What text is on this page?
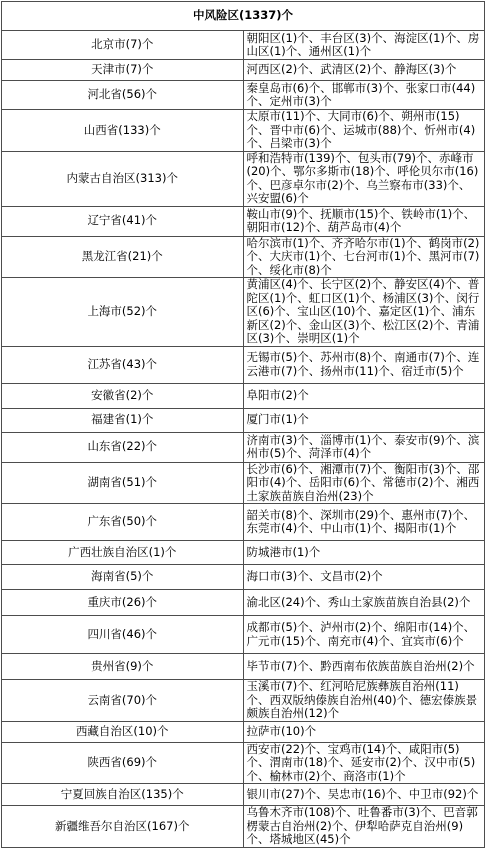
中风险区(1337)个	
北京市(7)个	朝阳区(1)个、丰台区(3)个、海淀区(1)个、房山区(1)个、通州区(1)个
天津市(7)个	河西区(2)个、武清区(2)个、静海区(3)个
河北省(56)个	秦皇岛市(6)个、邯郸市(3)个、张家口市(44)个、定州市(3)个
山西省(133)个	太原市(11)个、大同市(6)个、朔州市(15)个、晋中市(6)个、运城市(88)个、忻州市(4)个、吕梁市(3)个
内蒙古自治区(313)个	呼和浩特市(139)个、包头市(79)个、赤峰市(20)个、鄂尔多斯市(18)个、呼伦贝尔市(16)个、巴彦卓尔市(2)个、乌兰察布市(33)个、兴安盟(6)个
辽宁省(41)个	鞍山市(9)个、抚顺市(15)个、铁岭市(1)个、朝阳市(12)个、葫芦岛市(4)个
黑龙江省(21)个	哈尔滨市(1)个、齐齐哈尔市(1)个、鹤岗市(2)个、大庆市(1)个、七台河市(1)个、黑河市(7)个、绥化市(8)个
上海市(52)个	黄浦区(4)个、长宁区(2)个、静安区(4)个、普陀区(1)个、虹口区(1)个、杨浦区(3)个、闵行区(6)个、宝山区(10)个、嘉定区(1)个、浦东新区(2)个、金山区(3)个、松江区(2)个、青浦区(3)个、崇明区(1)个
江苏省(43)个	无锡市(5)个、苏州市(8)个、南通市(7)个、连云港市(7)个、扬州市(11)个、宿迁市(5)个
安徽省(2)个	阜阳市(2)个
福建省(1)个	厦门市(1)个
山东省(22)个	济南市(3)个、淄博市(1)个、泰安市(9)个、滨州市(5)个、菏泽市(4)个
湖南省(51)个	长沙市(6)个、湘潭市(7)个、衡阳市(3)个、邵阳市(4)个、岳阳市(6)个、常德市(2)个、湘西土家族苗族自治州(23)个
广东省(50)个	韶关市(8)个、深圳市(29)个、惠州市(7)个、东莞市(4)个、中山市(1)个、揭阳市(1)个
广西壮族自治区(1)个	防城港市(1)个
海南省(5)个	海口市(3)个、文昌市(2)个
重庆市(26)个	渝北区(24)个、秀山土家族苗族自治县(2)个
四川省(46)个	成都市(5)个、泸州市(2)个、绵阳市(14)个、广元市(15)个、南充市(4)个、宜宾市(6)个
贵州省(9)个	毕节市(7)个、黔西南布依族苗族自治州(2)个
云南省(70)个	玉溪市(7)个、红河哈尼族彝族自治州(11)个、西双版纳傣族自治州(40)个、德宏傣族景颇族自治州(12)个
西藏自治区(10)个	拉萨市(10)个
陕西省(69)个	西安市(22)个、宝鸡市(14)个、咸阳市(5)个、渭南市(18)个、延安市(2)个、汉中市(5)个、榆林市(2)个、商洛市(1)个
宁夏回族自治区(135)个	银川市(27)个、吴忠市(16)个、中卫市(92)个
新疆维吾尔自治区(167)个	乌鲁木齐市(108)个、吐鲁番市(3)个、巴音郭楞蒙古自治州(2)个、伊犁哈萨克自治州(9)个、塔城地区(45)个
